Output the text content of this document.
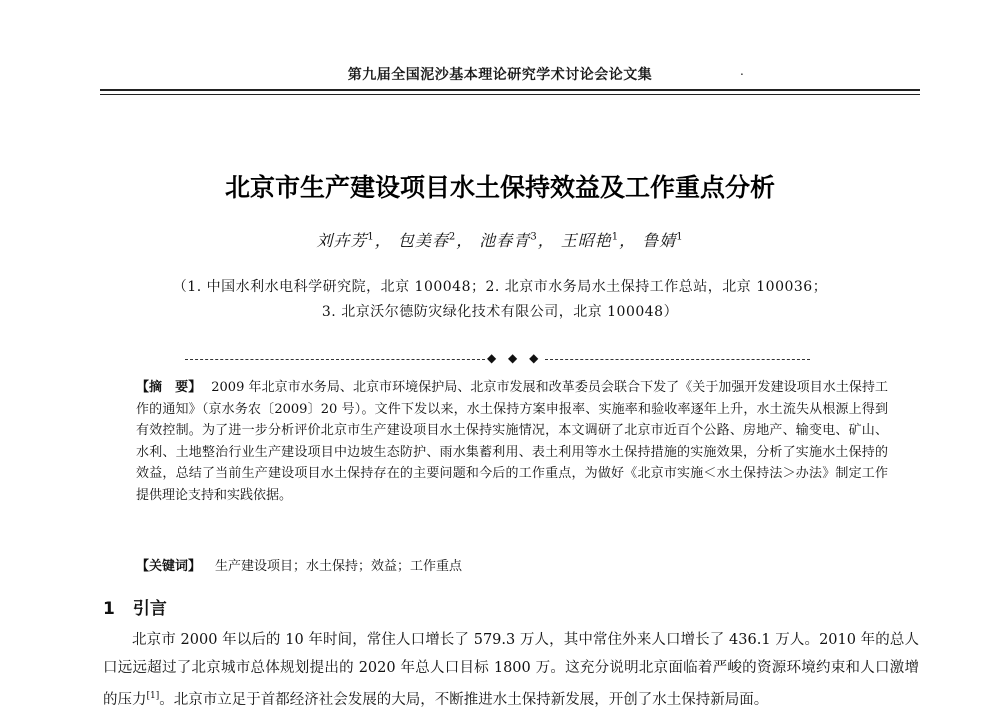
第九届全国泥沙基本理论研究学术讨论会论文集	.
北京市生产建设项目水土保持效益及工作重点分析
刘卉芳$^1$， 包美春$^2$， 池春青$^3$， 王昭艳$^1$， 鲁婧$^1$
（1. 中国水利水电科学研究院，北京 100048；2. 北京市水务局水土保持工作总站，北京 100036；
3. 北京沃尔德防灾绿化技术有限公司，北京 100048）
◆ ◆ ◆
【摘　要】 2009 年北京市水务局、北京市环境保护局、北京市发展和改革委员会联合下发了《关于加强开发建设项目水土保持工作的通知》（京水务农〔2009〕20 号）。文件下发以来，水土保持方案申报率、实施率和验收率逐年上升，水土流失从根源上得到有效控制。为了进一步分析评价北京市生产建设项目水土保持实施情况，本文调研了北京市近百个公路、房地产、输变电、矿山、水利、土地整治行业生产建设项目中边坡生态防护、雨水集蓄利用、表土利用等水土保持措施的实施效果，分析了实施水土保持的效益，总结了当前生产建设项目水土保持存在的主要问题和今后的工作重点，为做好《北京市实施＜水土保持法＞办法》制定工作提供理论支持和实践依据。
【关键词】 生产建设项目；水土保持；效益；工作重点
1 引言
北京市 2000 年以后的 10 年时间，常住人口增长了 579.3 万人，其中常住外来人口增长了 436.1 万人。2010 年的总人口远远超过了北京城市总体规划提出的 2020 年总人口目标 1800 万。这充分说明北京面临着严峻的资源环境约束和人口激增的压力[1]。北京市立足于首都经济社会发展的大局，不断推进水土保持新发展，开创了水土保持新局面。
